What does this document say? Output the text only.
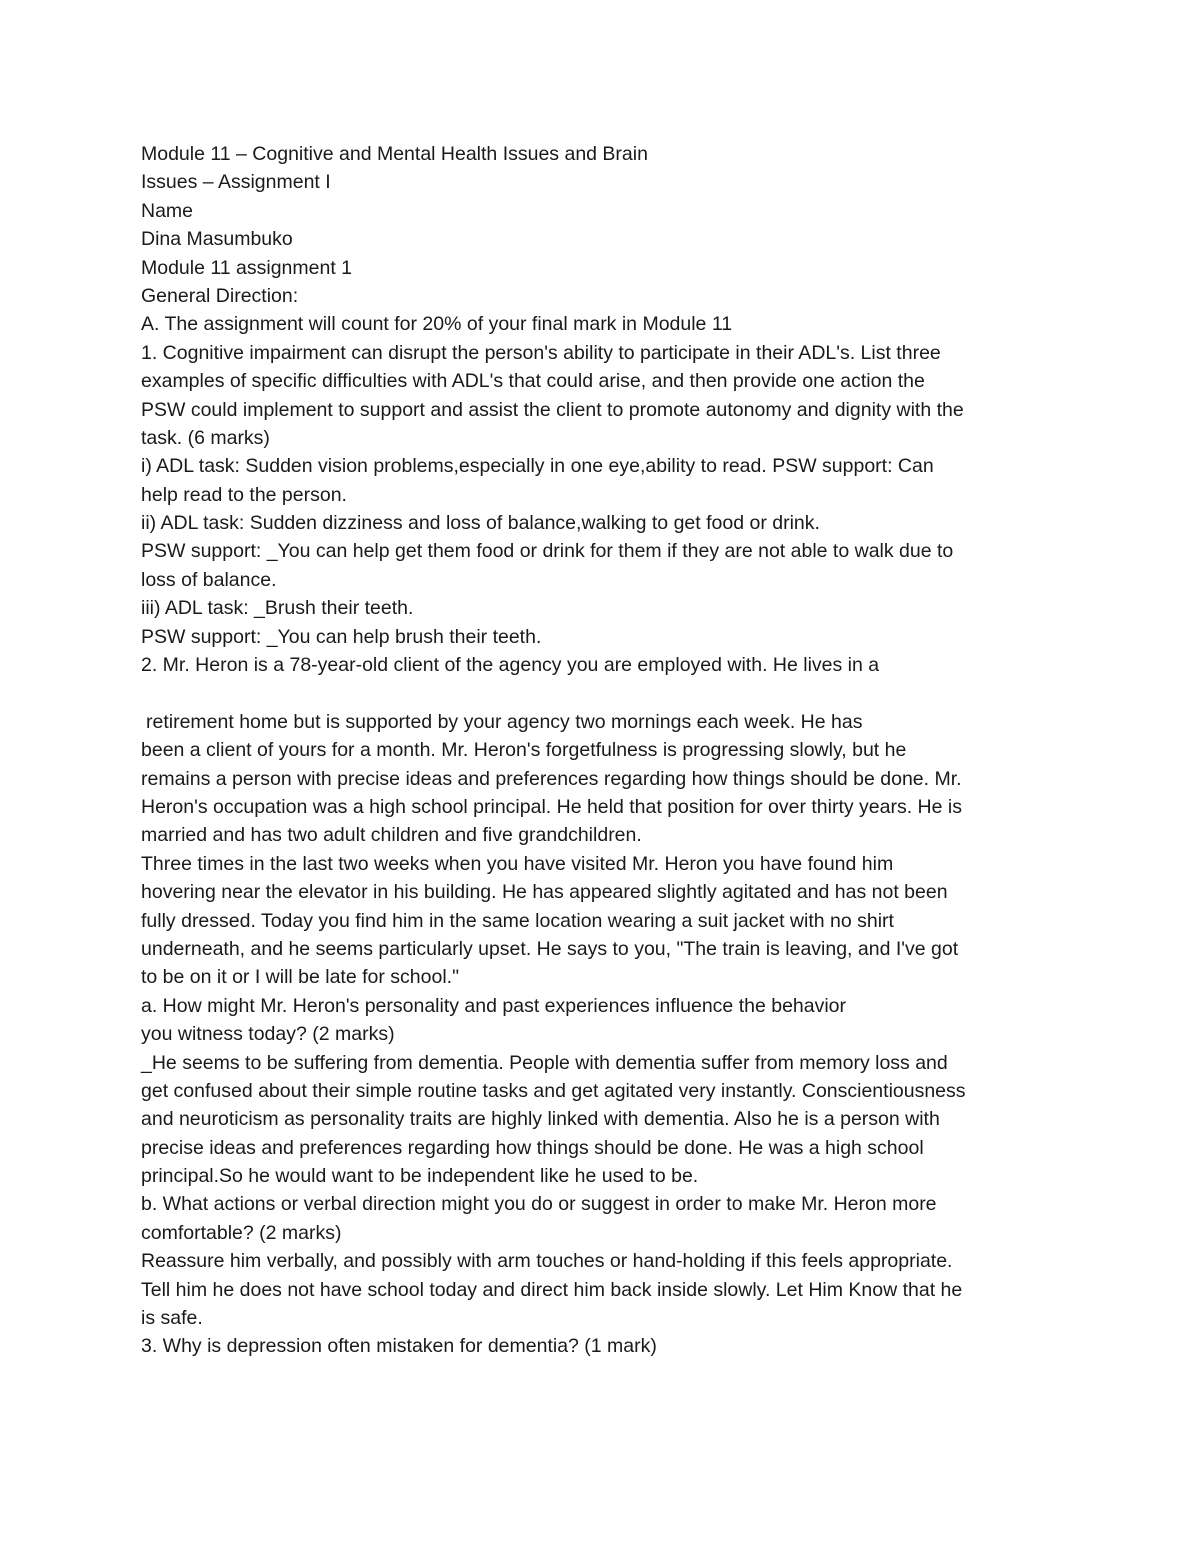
Module 11 – Cognitive and Mental Health Issues and Brain
Issues – Assignment I
Name
Dina Masumbuko
Module 11 assignment 1
General Direction:
A. The assignment will count for 20% of your final mark in Module 11
1. Cognitive impairment can disrupt the person's ability to participate in their ADL's. List three
examples of specific difficulties with ADL's that could arise, and then provide one action the
PSW could implement to support and assist the client to promote autonomy and dignity with the
task. (6 marks)
i) ADL task: Sudden vision problems,especially in one eye,ability to read. PSW support: Can
help read to the person.
ii) ADL task: Sudden dizziness and loss of balance,walking to get food or drink.
PSW support: _You can help get them food or drink for them if they are not able to walk due to
loss of balance.
iii) ADL task: _Brush their teeth.
PSW support: _You can help brush their teeth.
2. Mr. Heron is a 78-year-old client of the agency you are employed with. He lives in a
retirement home but is supported by your agency two mornings each week. He has
been a client of yours for a month. Mr. Heron's forgetfulness is progressing slowly, but he
remains a person with precise ideas and preferences regarding how things should be done. Mr.
Heron's occupation was a high school principal. He held that position for over thirty years. He is
married and has two adult children and five grandchildren.
Three times in the last two weeks when you have visited Mr. Heron you have found him
hovering near the elevator in his building. He has appeared slightly agitated and has not been
fully dressed. Today you find him in the same location wearing a suit jacket with no shirt
underneath, and he seems particularly upset. He says to you, "The train is leaving, and I've got
to be on it or I will be late for school."
a. How might Mr. Heron's personality and past experiences influence the behavior
you witness today? (2 marks)
_He seems to be suffering from dementia. People with dementia suffer from memory loss and
get confused about their simple routine tasks and get agitated very instantly. Conscientiousness
and neuroticism as personality traits are highly linked with dementia. Also he is a person with
precise ideas and preferences regarding how things should be done. He was a high school
principal.So he would want to be independent like he used to be.
b. What actions or verbal direction might you do or suggest in order to make Mr. Heron more
comfortable? (2 marks)
Reassure him verbally, and possibly with arm touches or hand-holding if this feels appropriate.
Tell him he does not have school today and direct him back inside slowly. Let Him Know that he
is safe.
3. Why is depression often mistaken for dementia? (1 mark)
